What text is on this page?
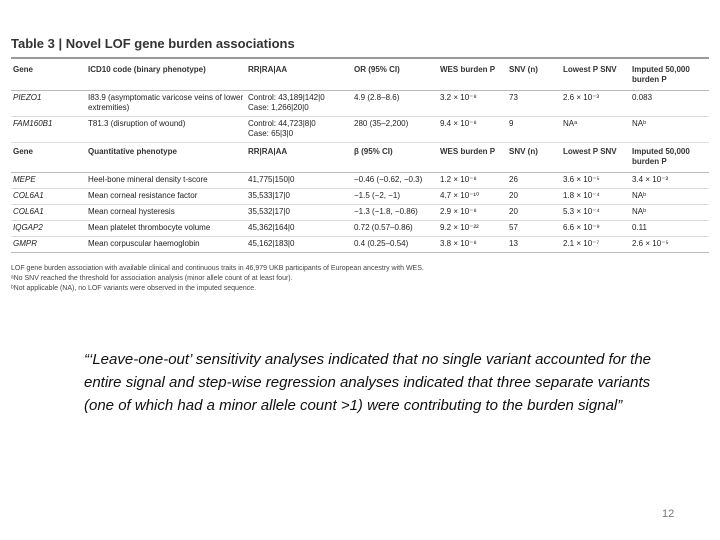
Table 3 | Novel LOF gene burden associations
Gene	ICD10 code (binary phenotype)	RR|RA|AA	OR (95% CI)	WES burden P	SNV (n)	Lowest P SNV	Imputed 50,000 burden P
PIEZO1	I83.9 (asymptomatic varicose veins of lower extremities)	Control: 43,189|142|0
Case: 1,266|20|0	4.9 (2.8–8.6)	3.2 × 10⁻⁸	73	2.6 × 10⁻³	0.083
FAM160B1	T81.3 (disruption of wound)	Control: 44,723|8|0
Case: 65|3|0	280 (35–2,200)	9.4 × 10⁻⁸	9	NAᵃ	NAᵇ
Gene	Quantitative phenotype	RR|RA|AA	β (95% CI)	WES burden P	SNV (n)	Lowest P SNV	Imputed 50,000 burden P
MEPE	Heel-bone mineral density t-score	41,775|150|0	−0.46 (−0.62, −0.3)	1.2 × 10⁻⁸	26	3.6 × 10⁻⁵	3.4 × 10⁻³
COL6A1	Mean corneal resistance factor	35,533|17|0	−1.5 (−2, −1)	4.7 × 10⁻¹⁰	20	1.8 × 10⁻⁴	NAᵇ
COL6A1	Mean corneal hysteresis	35,532|17|0	−1.3 (−1.8, −0.86)	2.9 × 10⁻⁸	20	5.3 × 10⁻⁴	NAᵇ
IQGAP2	Mean platelet thrombocyte volume	45,362|164|0	0.72 (0.57–0.86)	9.2 × 10⁻²²	57	6.6 × 10⁻⁹	0.11
GMPR	Mean corpuscular haemoglobin	45,162|183|0	0.4 (0.25–0.54)	3.8 × 10⁻⁸	13	2.1 × 10⁻⁷	2.6 × 10⁻⁵
LOF gene burden association with available clinical and continuous traits in 46,979 UKB participants of European ancestry with WES.
ᵃNo SNV reached the threshold for association analysis (minor allele count of at least four).
ᵇNot applicable (NA), no LOF variants were observed in the imputed sequence.
“‘Leave-one-out’ sensitivity analyses indicated that no single variant accounted for the entire signal and step-wise regression analyses indicated that three separate variants (one of which had a minor allele count >1) were contributing to the burden signal”
12
